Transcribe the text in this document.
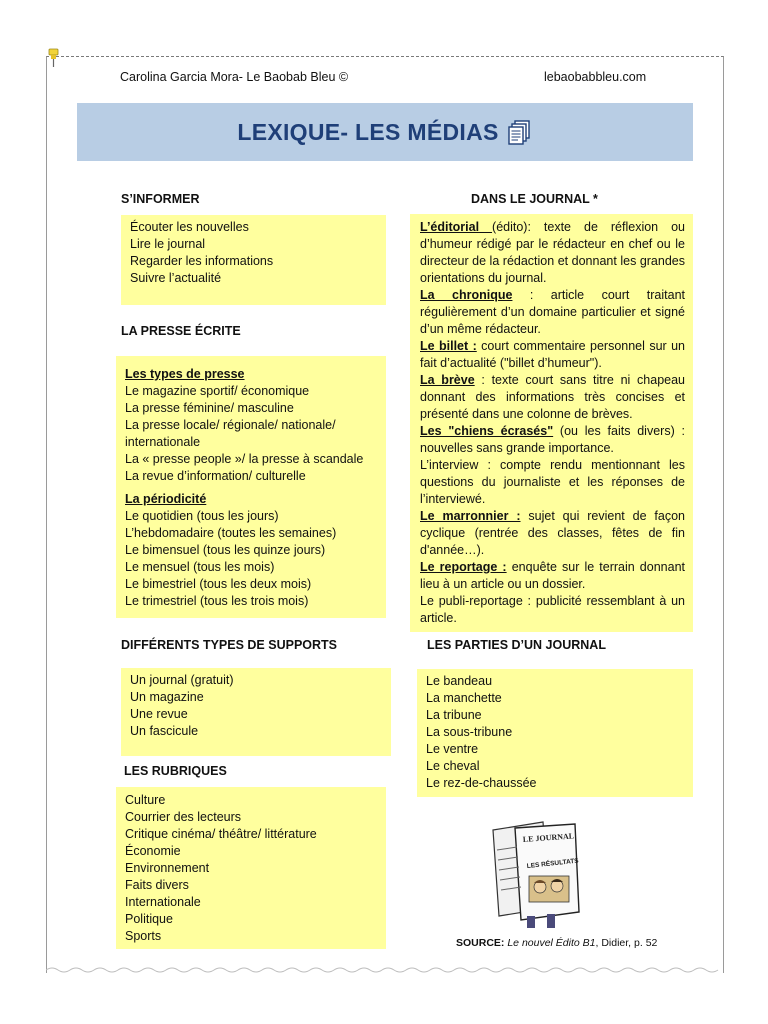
Carolina Garcia Mora- Le Baobab Bleu ©	lebaobabbleu.com
LEXIQUE- LES MÉDIAS
S’INFORMER
Écouter les nouvelles
Lire le journal
Regarder les informations
Suivre l’actualité
LA PRESSE ÉCRITE
Les types de presse
Le magazine sportif/ économique
La presse féminine/ masculine
La presse locale/ régionale/ nationale/ internationale
La « presse people »/ la presse à scandale
La revue d’information/ culturelle
La périodicité
Le quotidien (tous les jours)
L’hebdomadaire (toutes les semaines)
Le bimensuel (tous les quinze jours)
Le mensuel (tous les mois)
Le bimestriel (tous les deux mois)
Le trimestriel (tous les trois mois)
DIFFÉRENTS TYPES DE SUPPORTS
Un journal (gratuit)
Un magazine
Une revue
Un fascicule
LES RUBRIQUES
Culture
Courrier des lecteurs
Critique cinéma/ théâtre/ littérature
Économie
Environnement
Faits divers
Internationale
Politique
Sports
DANS LE JOURNAL *

L’éditorial (édito): texte de réflexion ou d’humeur rédigé par le rédacteur en chef ou le directeur de la rédaction et donnant les grandes orientations du journal.

La chronique : article court traitant régulièrement d’un domaine particulier et signé d’un même rédacteur.

Le billet : court commentaire personnel sur un fait d’actualité ("billet d’humeur").

La brève : texte court sans titre ni chapeau donnant des informations très concises et présenté dans une colonne de brèves.

Les "chiens écrasés" (ou les faits divers) : nouvelles sans grande importance.

L’interview : compte rendu mentionnant les questions du journaliste et les réponses de l’interviewé.

Le marronnier : sujet qui revient de façon cyclique (rentrée des classes, fêtes de fin d'année…).

Le reportage : enquête sur le terrain donnant lieu à un article ou un dossier.

Le publi-reportage : publicité ressemblant à un article.

LES PARTIES D’UN JOURNAL
Le bandeau
La manchette
La tribune
La sous-tribune
Le ventre
Le cheval
Le rez-de-chaussée
LE JOURNAL
LES RÉSULTATS
SOURCE: Le nouvel Édito B1, Didier, p. 52
